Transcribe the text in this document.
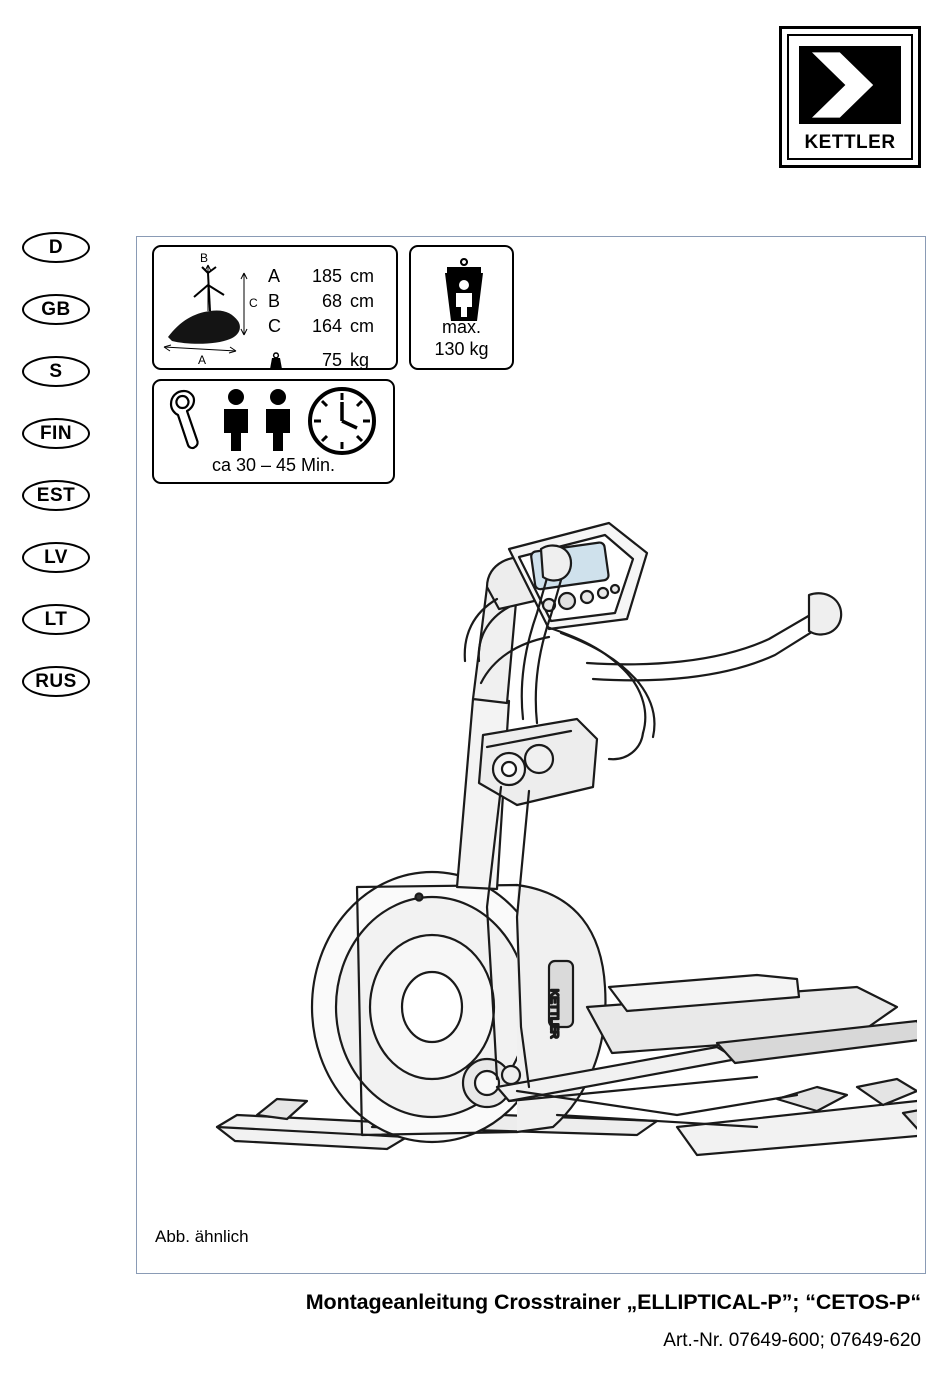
KETTLER
D
GB
S
FIN
EST
LV
LT
RUS
B
C
A
A	185	cm
B	68	cm
C	164	cm

	75	kg
max.
130 kg
ca 30 – 45 Min.
KETTLER
Abb. ähnlich
Montageanleitung Crosstrainer „ELLIPTICAL-P”; “CETOS-P“
Art.-Nr. 07649-600; 07649-620
